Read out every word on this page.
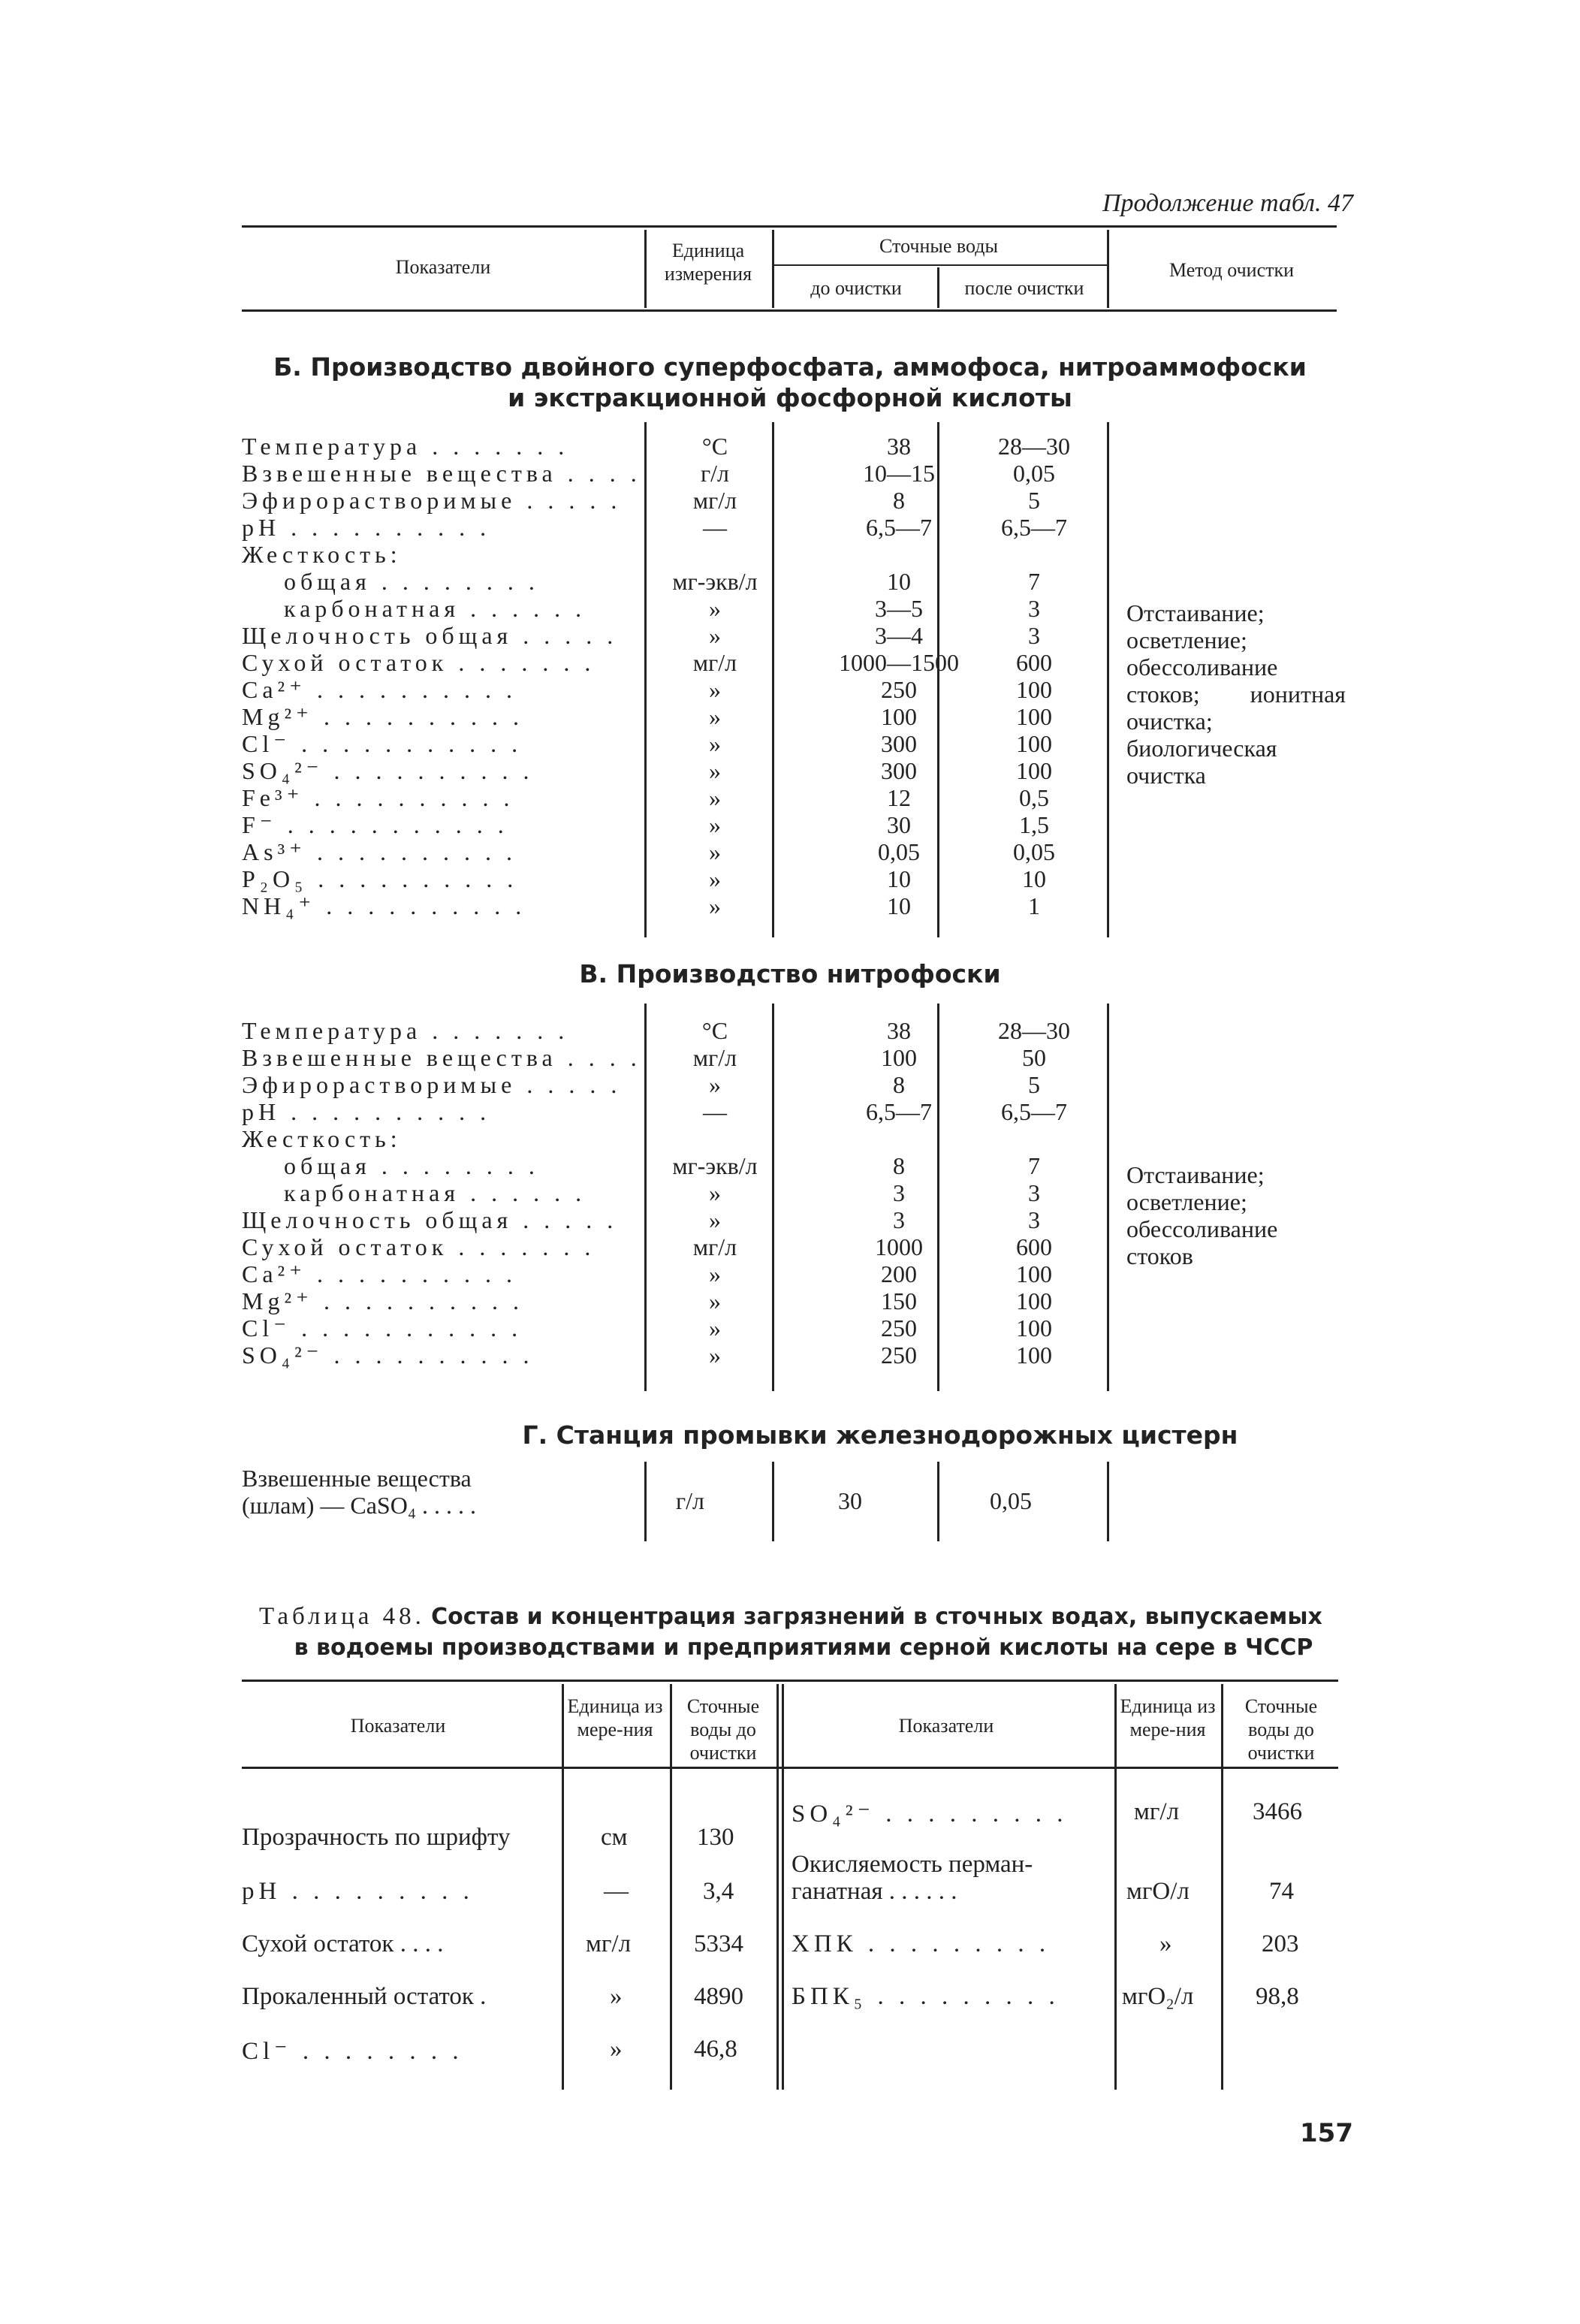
Продолжение табл. 47
Показатели
Единица измерения
Сточные воды
до очистки	после очистки
Метод очистки
Б. Производство двойного суперфосфата, аммофоса, нитроаммофоски
и экстракционной фосфорной кислоты
Температура . . . . . . .	°С	38	28—30
Взвешенные вещества . . . .	г/л	10—15	0,05
Эфирорастворимые . . . . .	мг/л	8	5
рН . . . . . . . . . .	—	6,5—7	6,5—7
Жесткость:
общая . . . . . . . .	мг-экв/л	10	7
карбонатная . . . . . .	»	3—5	3
Щелочность общая . . . . .	»	3—4	3
Сухой остаток . . . . . . .	мг/л	1000—1500	600
Ca²⁺ . . . . . . . . . .	»	250	100
Mg²⁺ . . . . . . . . . .	»	100	100
Cl⁻ . . . . . . . . . . .	»	300	100
SO₄²⁻ . . . . . . . . . .	»	300	100
Fe³⁺ . . . . . . . . . .	»	12	0,5
F⁻ . . . . . . . . . . .	»	30	1,5
As³⁺ . . . . . . . . . .	»	0,05	0,05
P₂O₅ . . . . . . . . . .	»	10	10
NH₄⁺ . . . . . . . . . .	»	10	1
Отстаивание; осветление; обессоливание стоков; ионитная очистка; биологическая очистка
В. Производство нитрофоски
Температура . . . . . . .	°С	38	28—30
Взвешенные вещества . . . .	мг/л	100	50
Эфирорастворимые . . . . .	»	8	5
рН . . . . . . . . . .	—	6,5—7	6,5—7
Жесткость:
общая . . . . . . . .	мг-экв/л	8	7
карбонатная . . . . . .	»	3	3
Щелочность общая . . . . .	»	3	3
Сухой остаток . . . . . . .	мг/л	1000	600
Ca²⁺ . . . . . . . . . .	»	200	100
Mg²⁺ . . . . . . . . . .	»	150	100
Cl⁻ . . . . . . . . . . .	»	250	100
SO₄²⁻ . . . . . . . . . .	»	250	100
Отстаивание; осветление; обессоливание стоков
Г. Станция промывки железнодорожных цистерн
Взвешенные вещества
(шлам) — CaSO₄ . . . . .	г/л	30	0,05
Таблица 48. Состав и концентрация загрязнений в сточных водах, выпускаемых
в водоемы производствами и предприятиями серной кислоты на сере в ЧССР
Показатели
Единица измере-ния
Сточные воды до очистки
Показатели
Единица измере-ния
Сточные воды до очистки
Прозрачность по шрифту	см	130
рН . . . . . . . . .	—	3,4
Сухой остаток . . . .	мг/л	5334
Прокаленный остаток .	»	4890
Cl⁻ . . . . . . . .	»	46,8
SO₄²⁻ . . . . . . . . .	мг/л	3466
Окисляемость перман-
ганатная . . . . . .	мгО/л	74
ХПК . . . . . . . . .	»	203
БПК₅ . . . . . . . . .	мгO₂/л	98,8
157
